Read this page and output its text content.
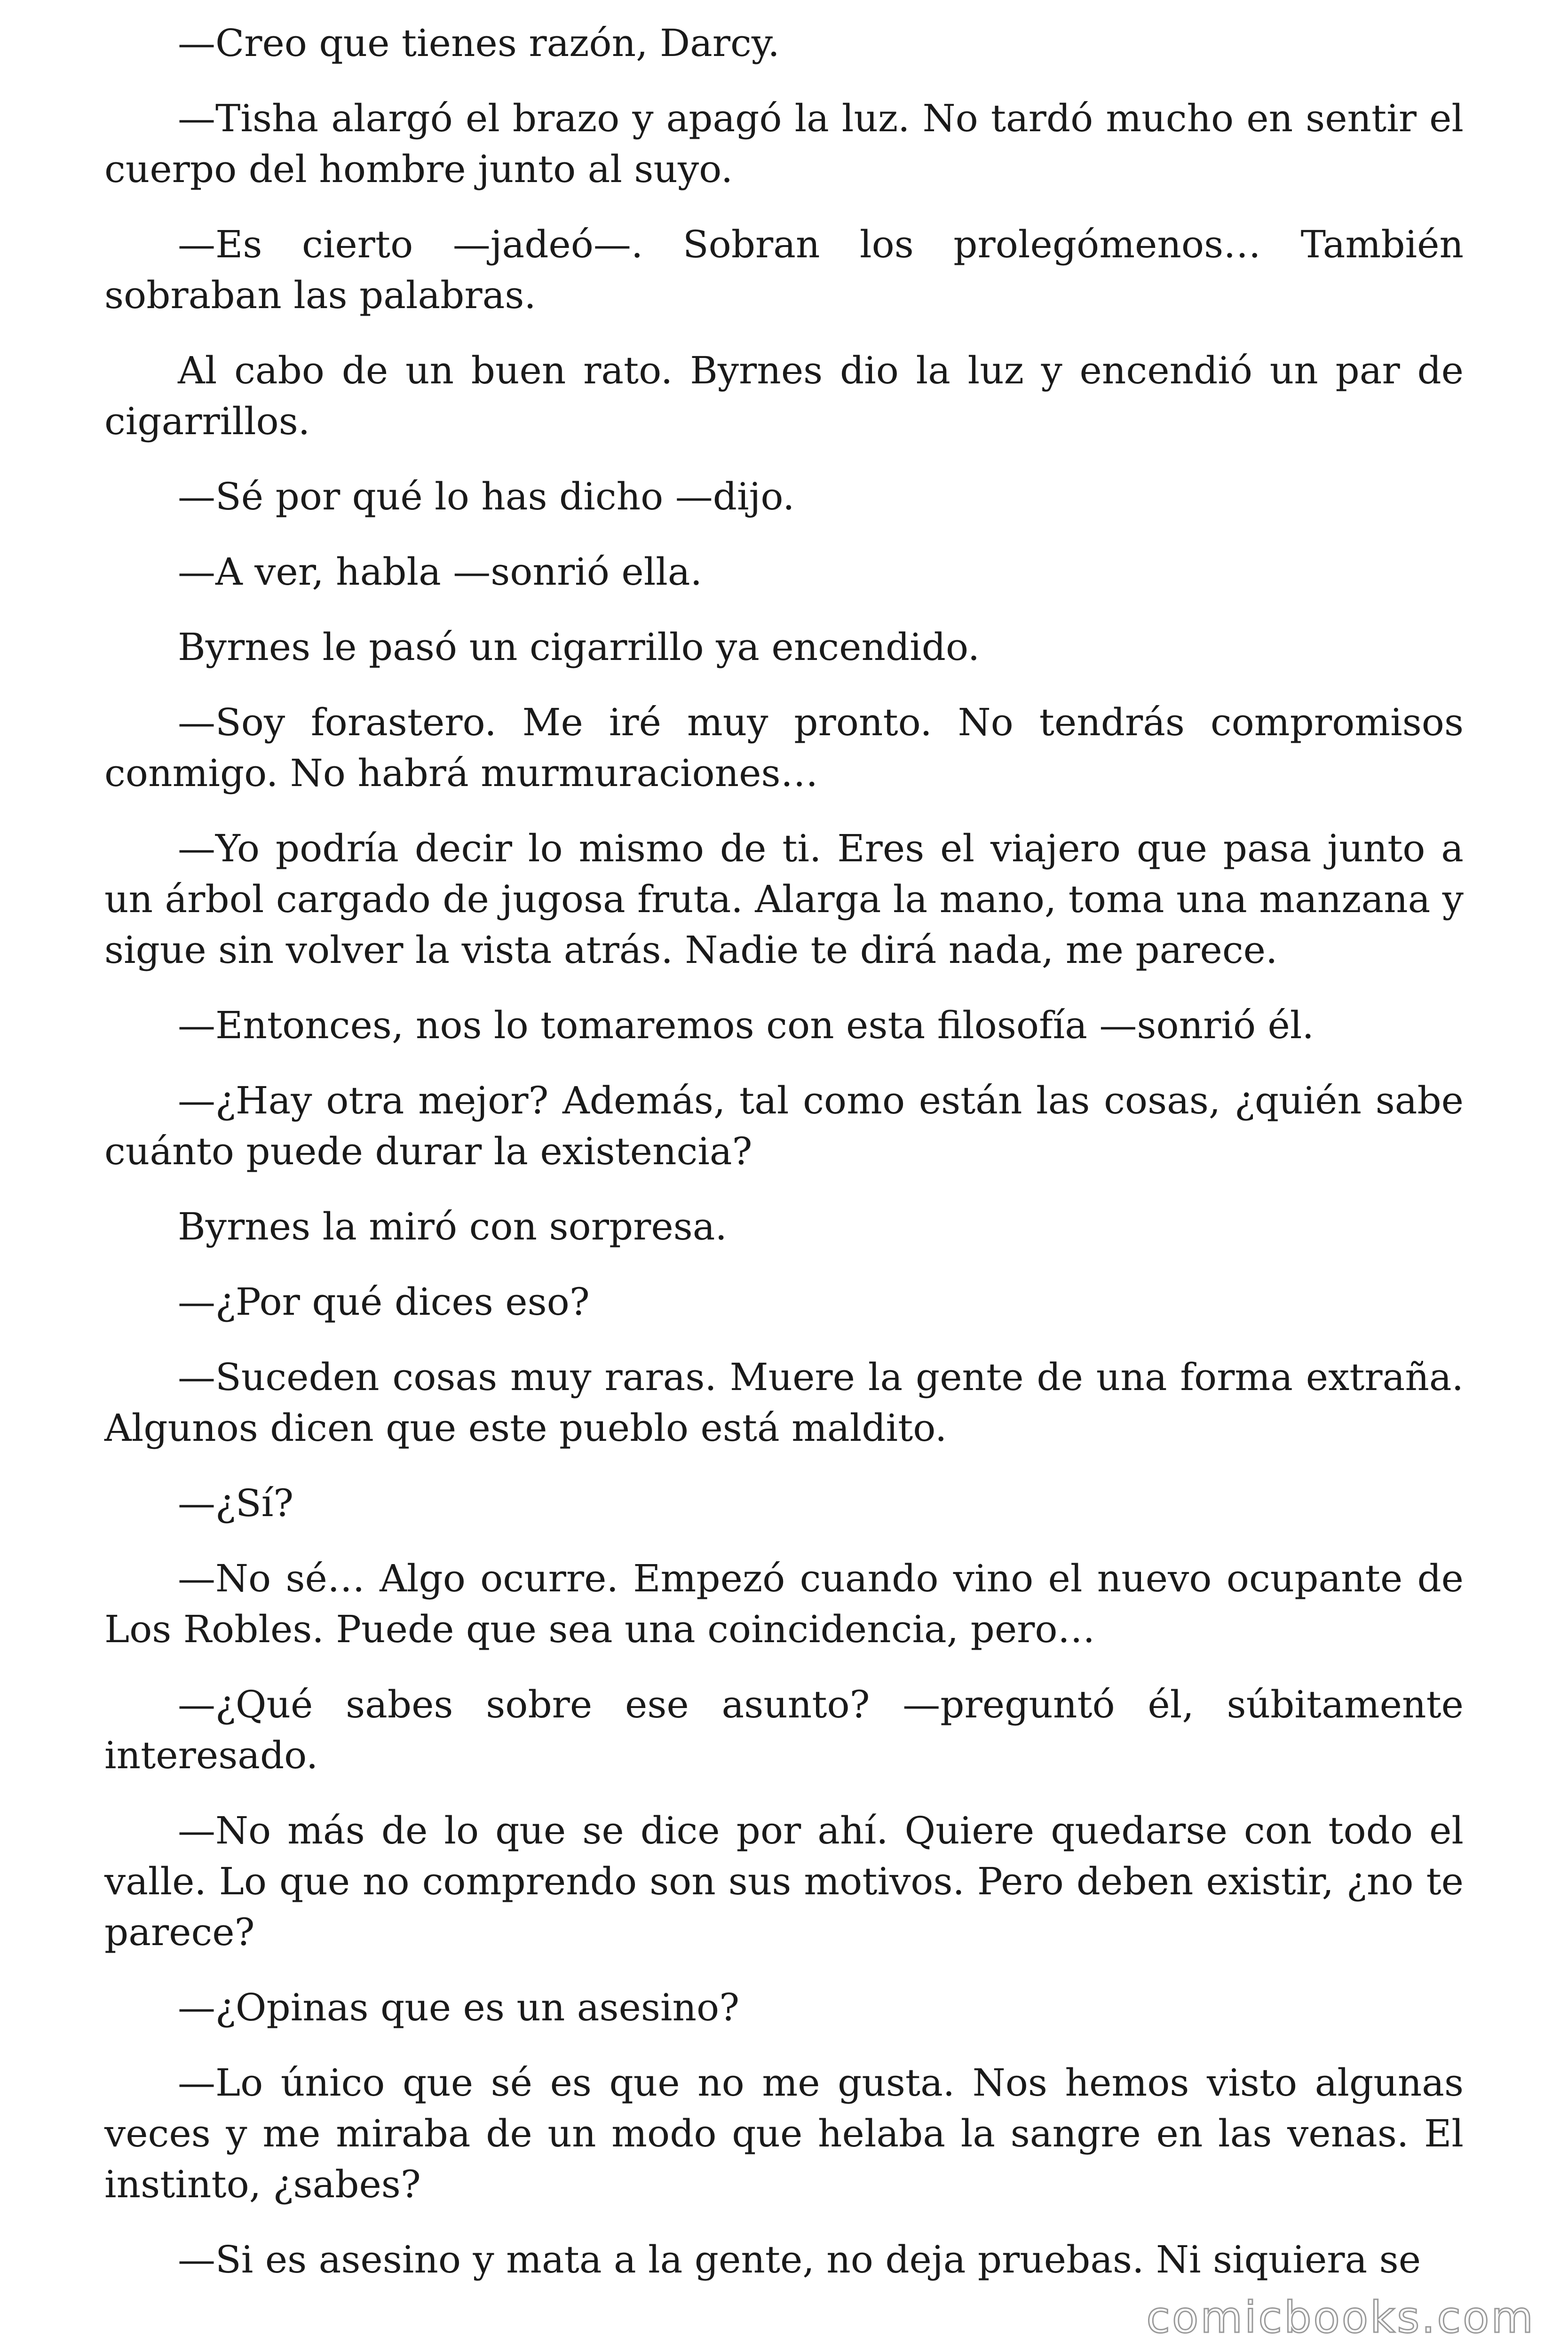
—Creo que tienes razón, Darcy.

—Tisha alargó el brazo y apagó la luz. No tardó mucho en sentir el cuerpo del hombre junto al suyo.

—Es cierto —jadeó—. Sobran los prolegómenos… También sobraban las palabras.

Al cabo de un buen rato. Byrnes dio la luz y encendió un par de cigarrillos.

—Sé por qué lo has dicho —dijo.

—A ver, habla —sonrió ella.

Byrnes le pasó un cigarrillo ya encendido.

—Soy forastero. Me iré muy pronto. No tendrás compromisos conmigo. No habrá murmuraciones…

—Yo podría decir lo mismo de ti. Eres el viajero que pasa junto a un árbol cargado de jugosa fruta. Alarga la mano, toma una manzana y sigue sin volver la vista atrás. Nadie te dirá nada, me parece.

—Entonces, nos lo tomaremos con esta filosofía —sonrió él.

—¿Hay otra mejor? Además, tal como están las cosas, ¿quién sabe cuánto puede durar la existencia?

Byrnes la miró con sorpresa.

—¿Por qué dices eso?

—Suceden cosas muy raras. Muere la gente de una forma extraña. Algunos dicen que este pueblo está maldito.

—¿Sí?

—No sé… Algo ocurre. Empezó cuando vino el nuevo ocupante de Los Robles. Puede que sea una coincidencia, pero…

—¿Qué sabes sobre ese asunto? —preguntó él, súbitamente interesado.

—No más de lo que se dice por ahí. Quiere quedarse con todo el valle. Lo que no comprendo son sus motivos. Pero deben existir, ¿no te parece?

—¿Opinas que es un asesino?

—Lo único que sé es que no me gusta. Nos hemos visto algunas veces y me miraba de un modo que helaba la sangre en las venas. El instinto, ¿sabes?

—Si es asesino y mata a la gente, no deja pruebas. Ni siquiera se

comicbooks.com
